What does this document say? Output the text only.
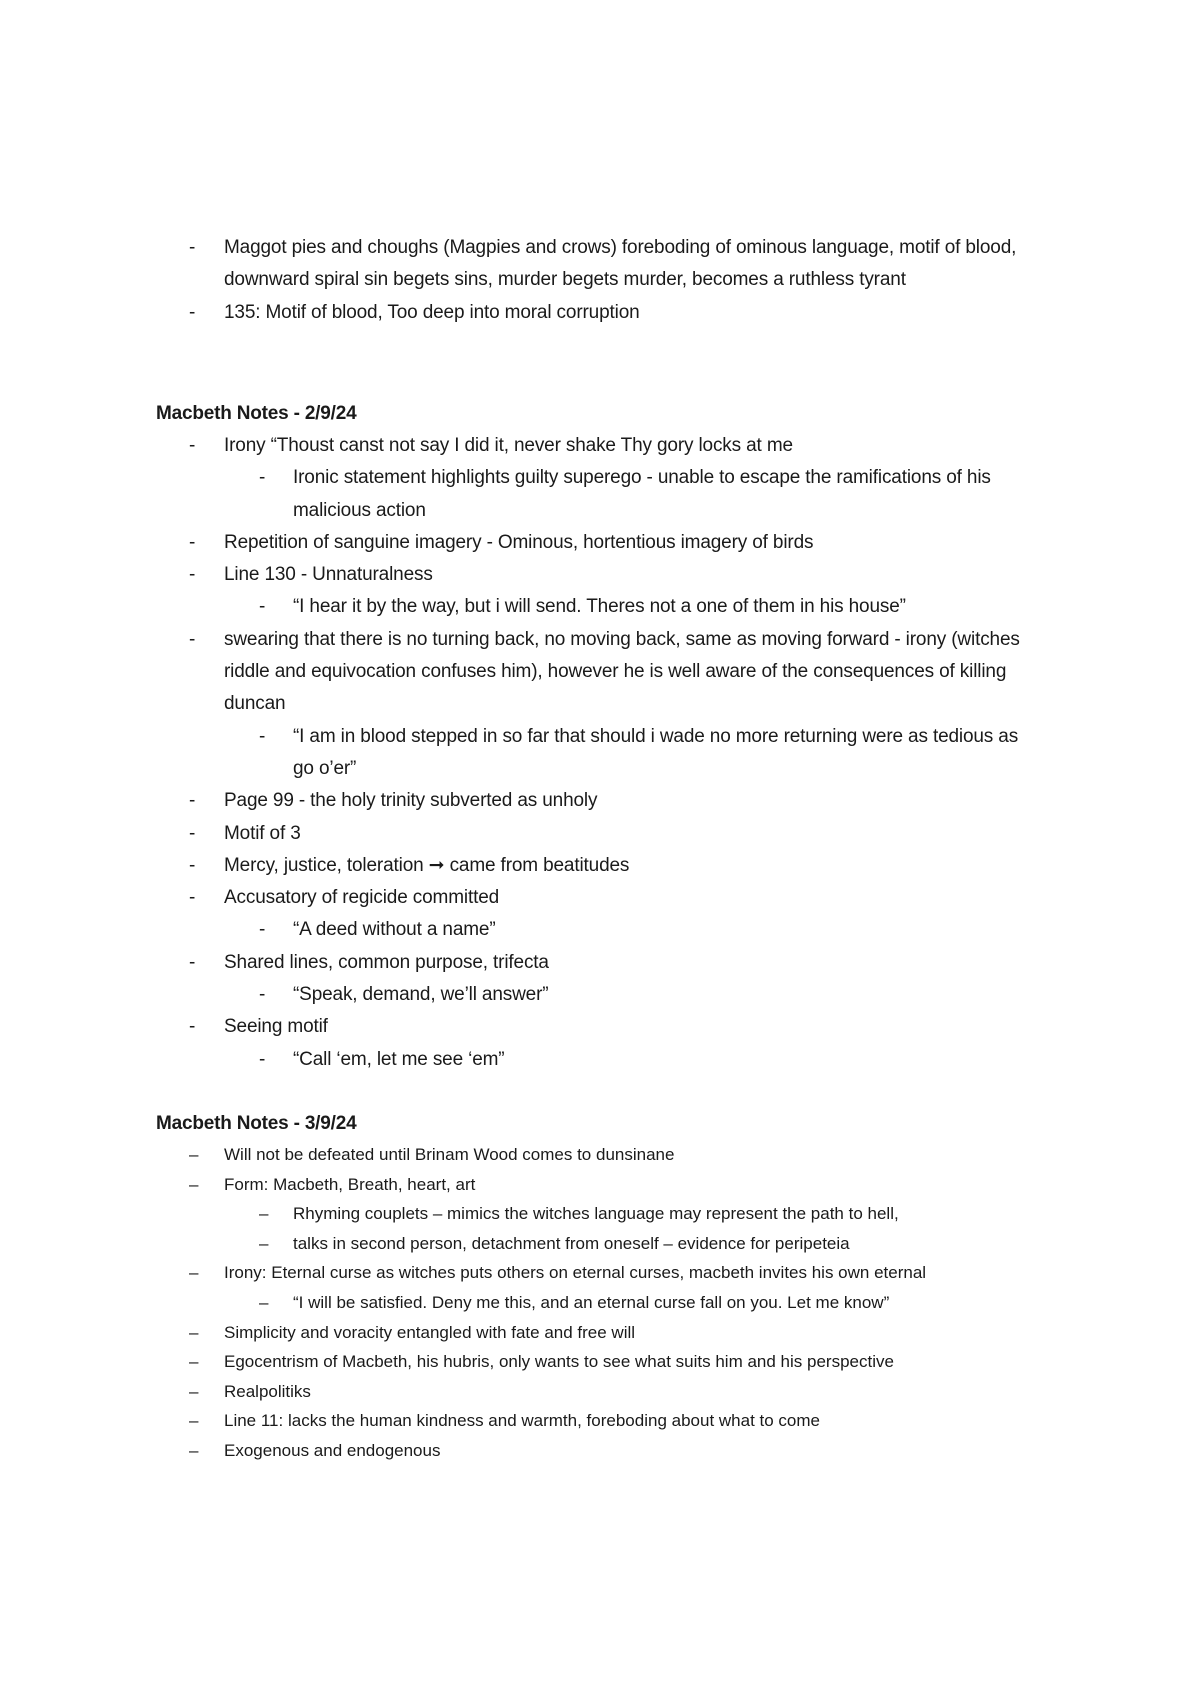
-	Maggot pies and choughs (Magpies and crows) foreboding of ominous language, motif of blood, downward spiral sin begets sins, murder begets murder, becomes a ruthless tyrant
-	135: Motif of blood, Too deep into moral corruption
Macbeth Notes - 2/9/24
-	Irony “Thoust canst not say I did it, never shake Thy gory locks at me
-	Ironic statement highlights guilty superego - unable to escape the ramifications of his malicious action
-	Repetition of sanguine imagery - Ominous, hortentious imagery of birds
-	Line 130 - Unnaturalness
-	“I hear it by the way, but i will send. Theres not a one of them in his house”
-	swearing that there is no turning back, no moving back, same as moving forward - irony (witches riddle and equivocation confuses him), however he is well aware of the consequences of killing duncan
-	“I am in blood stepped in so far that should i wade no more returning were as tedious as go o’er”
-	Page 99 - the holy trinity subverted as unholy
-	Motif of 3
-	Mercy, justice, toleration ➞ came from beatitudes
-	Accusatory of regicide committed
-	“A deed without a name”
-	Shared lines, common purpose, trifecta
-	“Speak, demand, we’ll answer”
-	Seeing motif
-	“Call ‘em, let me see ‘em”
Macbeth Notes - 3/9/24
– Will not be defeated until Brinam Wood comes to dunsinane
– Form: Macbeth, Breath, heart, art
– Rhyming couplets – mimics the witches language may represent the path to hell,
– talks in second person, detachment from oneself – evidence for peripeteia
– Irony: Eternal curse as witches puts others on eternal curses, macbeth invites his own eternal
– “I will be satisfied. Deny me this, and an eternal curse fall on you. Let me know”
– Simplicity and voracity entangled with fate and free will
– Egocentrism of Macbeth, his hubris, only wants to see what suits him and his perspective
– Realpolitiks
– Line 11: lacks the human kindness and warmth, foreboding about what to come
– Exogenous and endogenous
